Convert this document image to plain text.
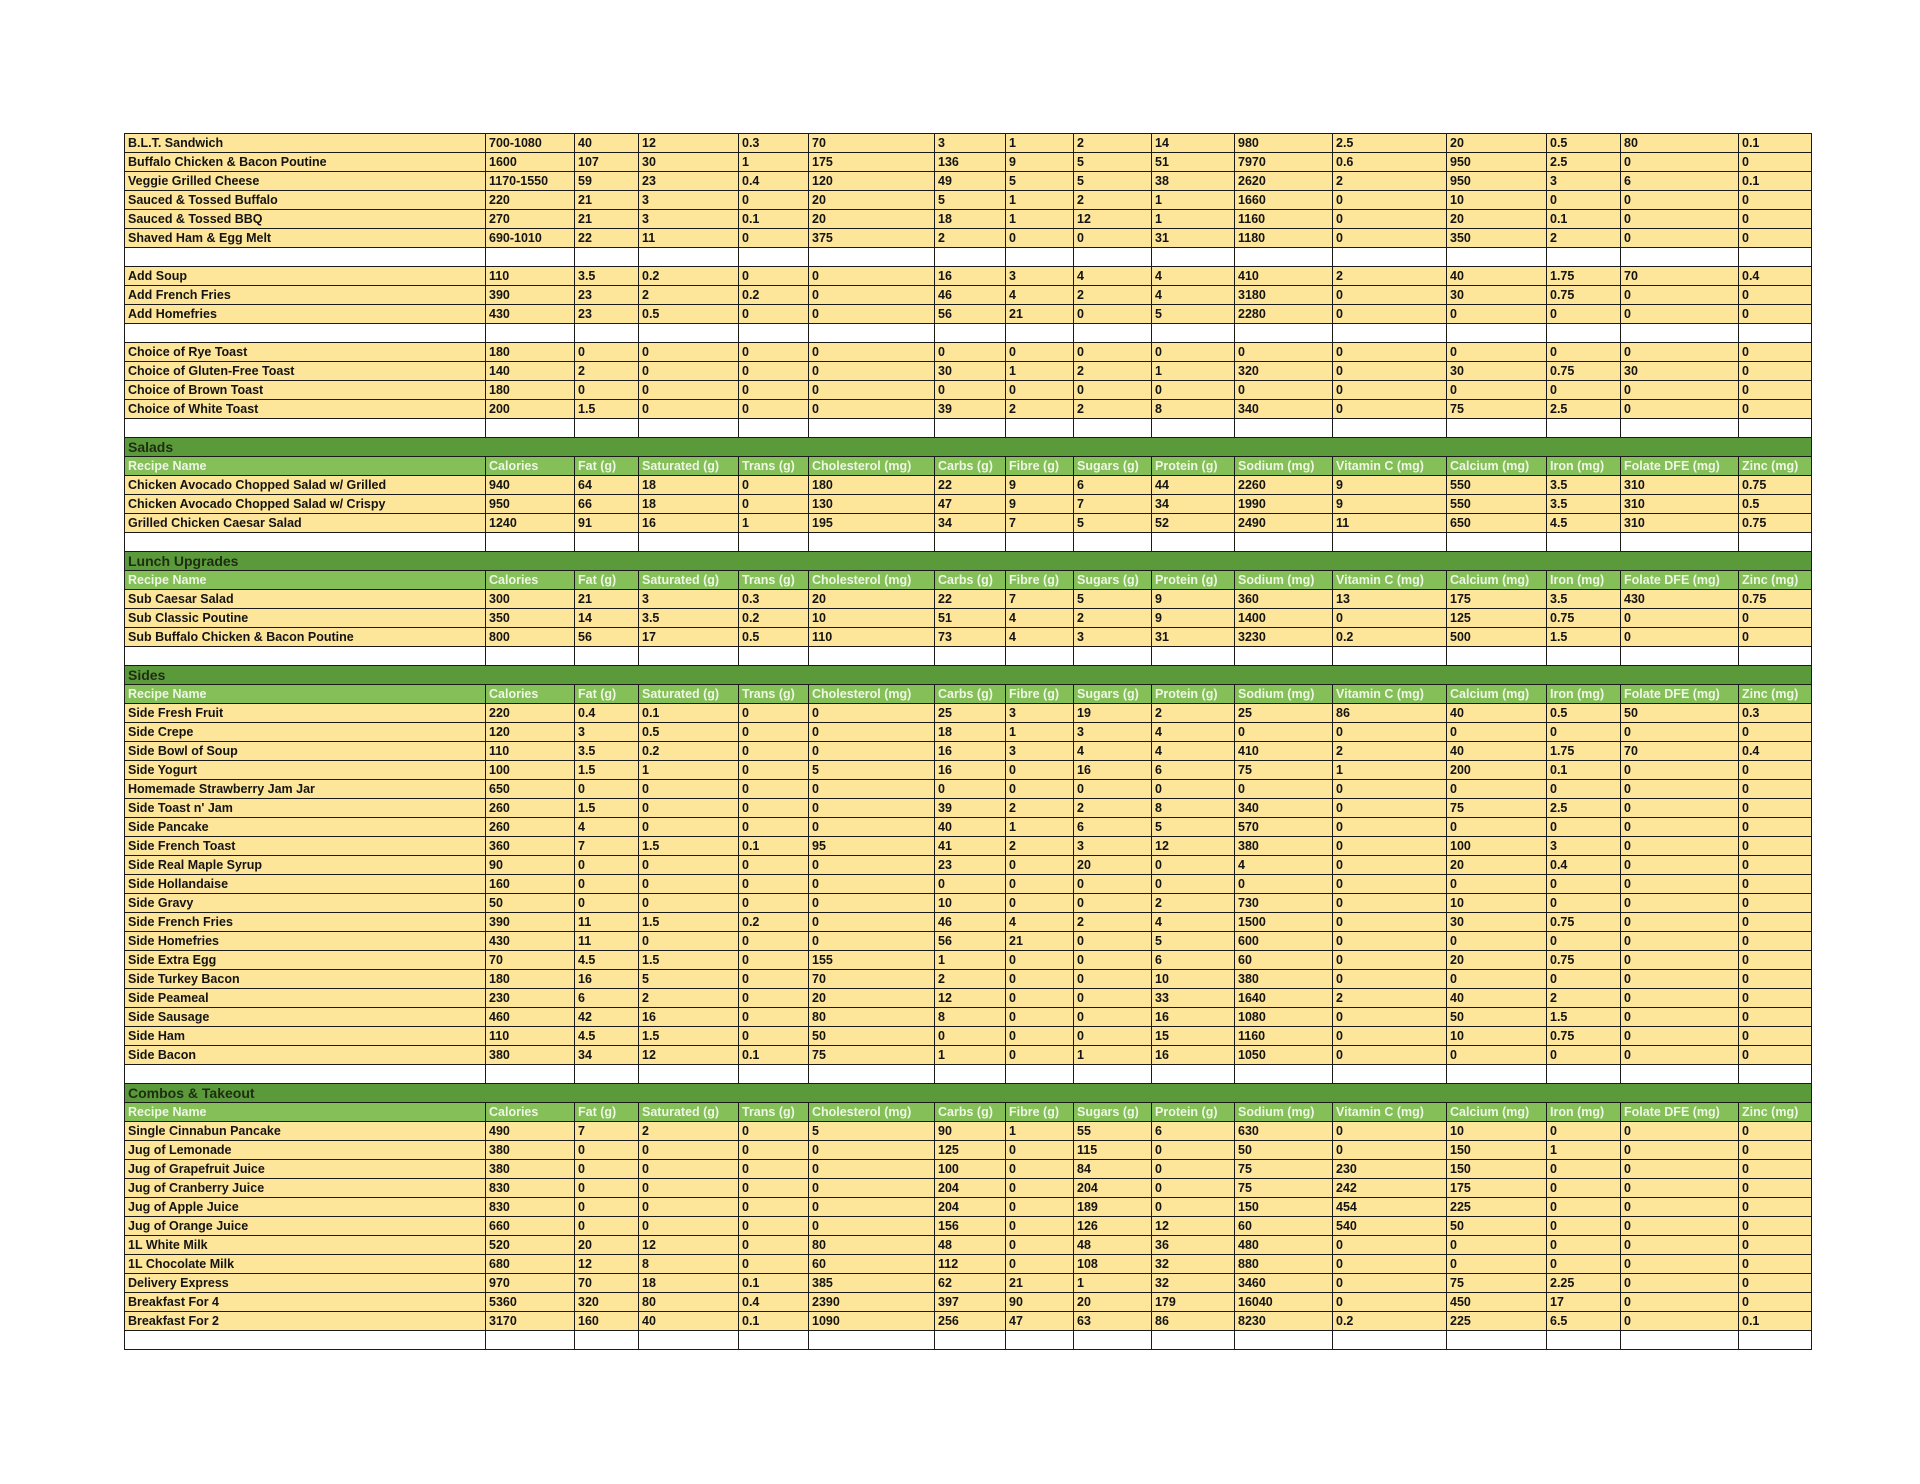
B.L.T. Sandwich	700-1080	40	12	0.3	70	3	1	2	14	980	2.5	20	0.5	80	0.1
Buffalo Chicken & Bacon Poutine	1600	107	30	1	175	136	9	5	51	7970	0.6	950	2.5	0	0
Veggie Grilled Cheese	1170-1550	59	23	0.4	120	49	5	5	38	2620	2	950	3	6	0.1
Sauced & Tossed Buffalo	220	21	3	0	20	5	1	2	1	1660	0	10	0	0	0
Sauced & Tossed BBQ	270	21	3	0.1	20	18	1	12	1	1160	0	20	0.1	0	0
Shaved Ham & Egg Melt	690-1010	22	11	0	375	2	0	0	31	1180	0	350	2	0	0

Add Soup	110	3.5	0.2	0	0	16	3	4	4	410	2	40	1.75	70	0.4
Add French Fries	390	23	2	0.2	0	46	4	2	4	3180	0	30	0.75	0	0
Add Homefries	430	23	0.5	0	0	56	21	0	5	2280	0	0	0	0	0

Choice of Rye Toast	180	0	0	0	0	0	0	0	0	0	0	0	0	0	0
Choice of Gluten-Free Toast	140	2	0	0	0	30	1	2	1	320	0	30	0.75	30	0
Choice of Brown Toast	180	0	0	0	0	0	0	0	0	0	0	0	0	0	0
Choice of White Toast	200	1.5	0	0	0	39	2	2	8	340	0	75	2.5	0	0

Salads															
Recipe Name	Calories	Fat (g)	Saturated (g)	Trans (g)	Cholesterol (mg)	Carbs (g)	Fibre (g)	Sugars (g)	Protein (g)	Sodium (mg)	Vitamin C (mg)	Calcium (mg)	Iron (mg)	Folate DFE (mg)	Zinc (mg)
Chicken Avocado Chopped Salad w/ Grilled	940	64	18	0	180	22	9	6	44	2260	9	550	3.5	310	0.75
Chicken Avocado Chopped Salad w/ Crispy	950	66	18	0	130	47	9	7	34	1990	9	550	3.5	310	0.5
Grilled Chicken Caesar Salad	1240	91	16	1	195	34	7	5	52	2490	11	650	4.5	310	0.75

Lunch Upgrades															
Recipe Name	Calories	Fat (g)	Saturated (g)	Trans (g)	Cholesterol (mg)	Carbs (g)	Fibre (g)	Sugars (g)	Protein (g)	Sodium (mg)	Vitamin C (mg)	Calcium (mg)	Iron (mg)	Folate DFE (mg)	Zinc (mg)
Sub Caesar Salad	300	21	3	0.3	20	22	7	5	9	360	13	175	3.5	430	0.75
Sub Classic Poutine	350	14	3.5	0.2	10	51	4	2	9	1400	0	125	0.75	0	0
Sub Buffalo Chicken & Bacon Poutine	800	56	17	0.5	110	73	4	3	31	3230	0.2	500	1.5	0	0

Sides															
Recipe Name	Calories	Fat (g)	Saturated (g)	Trans (g)	Cholesterol (mg)	Carbs (g)	Fibre (g)	Sugars (g)	Protein (g)	Sodium (mg)	Vitamin C (mg)	Calcium (mg)	Iron (mg)	Folate DFE (mg)	Zinc (mg)
Side Fresh Fruit	220	0.4	0.1	0	0	25	3	19	2	25	86	40	0.5	50	0.3
Side Crepe	120	3	0.5	0	0	18	1	3	4	0	0	0	0	0	0
Side Bowl of Soup	110	3.5	0.2	0	0	16	3	4	4	410	2	40	1.75	70	0.4
Side Yogurt	100	1.5	1	0	5	16	0	16	6	75	1	200	0.1	0	0
Homemade Strawberry Jam Jar	650	0	0	0	0	0	0	0	0	0	0	0	0	0	0
Side Toast n' Jam	260	1.5	0	0	0	39	2	2	8	340	0	75	2.5	0	0
Side Pancake	260	4	0	0	0	40	1	6	5	570	0	0	0	0	0
Side French Toast	360	7	1.5	0.1	95	41	2	3	12	380	0	100	3	0	0
Side Real Maple Syrup	90	0	0	0	0	23	0	20	0	4	0	20	0.4	0	0
Side Hollandaise	160	0	0	0	0	0	0	0	0	0	0	0	0	0	0
Side Gravy	50	0	0	0	0	10	0	0	2	730	0	10	0	0	0
Side French Fries	390	11	1.5	0.2	0	46	4	2	4	1500	0	30	0.75	0	0
Side Homefries	430	11	0	0	0	56	21	0	5	600	0	0	0	0	0
Side Extra Egg	70	4.5	1.5	0	155	1	0	0	6	60	0	20	0.75	0	0
Side Turkey Bacon	180	16	5	0	70	2	0	0	10	380	0	0	0	0	0
Side Peameal	230	6	2	0	20	12	0	0	33	1640	2	40	2	0	0
Side Sausage	460	42	16	0	80	8	0	0	16	1080	0	50	1.5	0	0
Side Ham	110	4.5	1.5	0	50	0	0	0	15	1160	0	10	0.75	0	0
Side Bacon	380	34	12	0.1	75	1	0	1	16	1050	0	0	0	0	0

Combos & Takeout															
Recipe Name	Calories	Fat (g)	Saturated (g)	Trans (g)	Cholesterol (mg)	Carbs (g)	Fibre (g)	Sugars (g)	Protein (g)	Sodium (mg)	Vitamin C (mg)	Calcium (mg)	Iron (mg)	Folate DFE (mg)	Zinc (mg)
Single Cinnabun Pancake	490	7	2	0	5	90	1	55	6	630	0	10	0	0	0
Jug of Lemonade	380	0	0	0	0	125	0	115	0	50	0	150	1	0	0
Jug of Grapefruit Juice	380	0	0	0	0	100	0	84	0	75	230	150	0	0	0
Jug of Cranberry Juice	830	0	0	0	0	204	0	204	0	75	242	175	0	0	0
Jug of Apple Juice	830	0	0	0	0	204	0	189	0	150	454	225	0	0	0
Jug of Orange Juice	660	0	0	0	0	156	0	126	12	60	540	50	0	0	0
1L White Milk	520	20	12	0	80	48	0	48	36	480	0	0	0	0	0
1L Chocolate Milk	680	12	8	0	60	112	0	108	32	880	0	0	0	0	0
Delivery Express	970	70	18	0.1	385	62	21	1	32	3460	0	75	2.25	0	0
Breakfast For 4	5360	320	80	0.4	2390	397	90	20	179	16040	0	450	17	0	0
Breakfast For 2	3170	160	40	0.1	1090	256	47	63	86	8230	0.2	225	6.5	0	0.1
